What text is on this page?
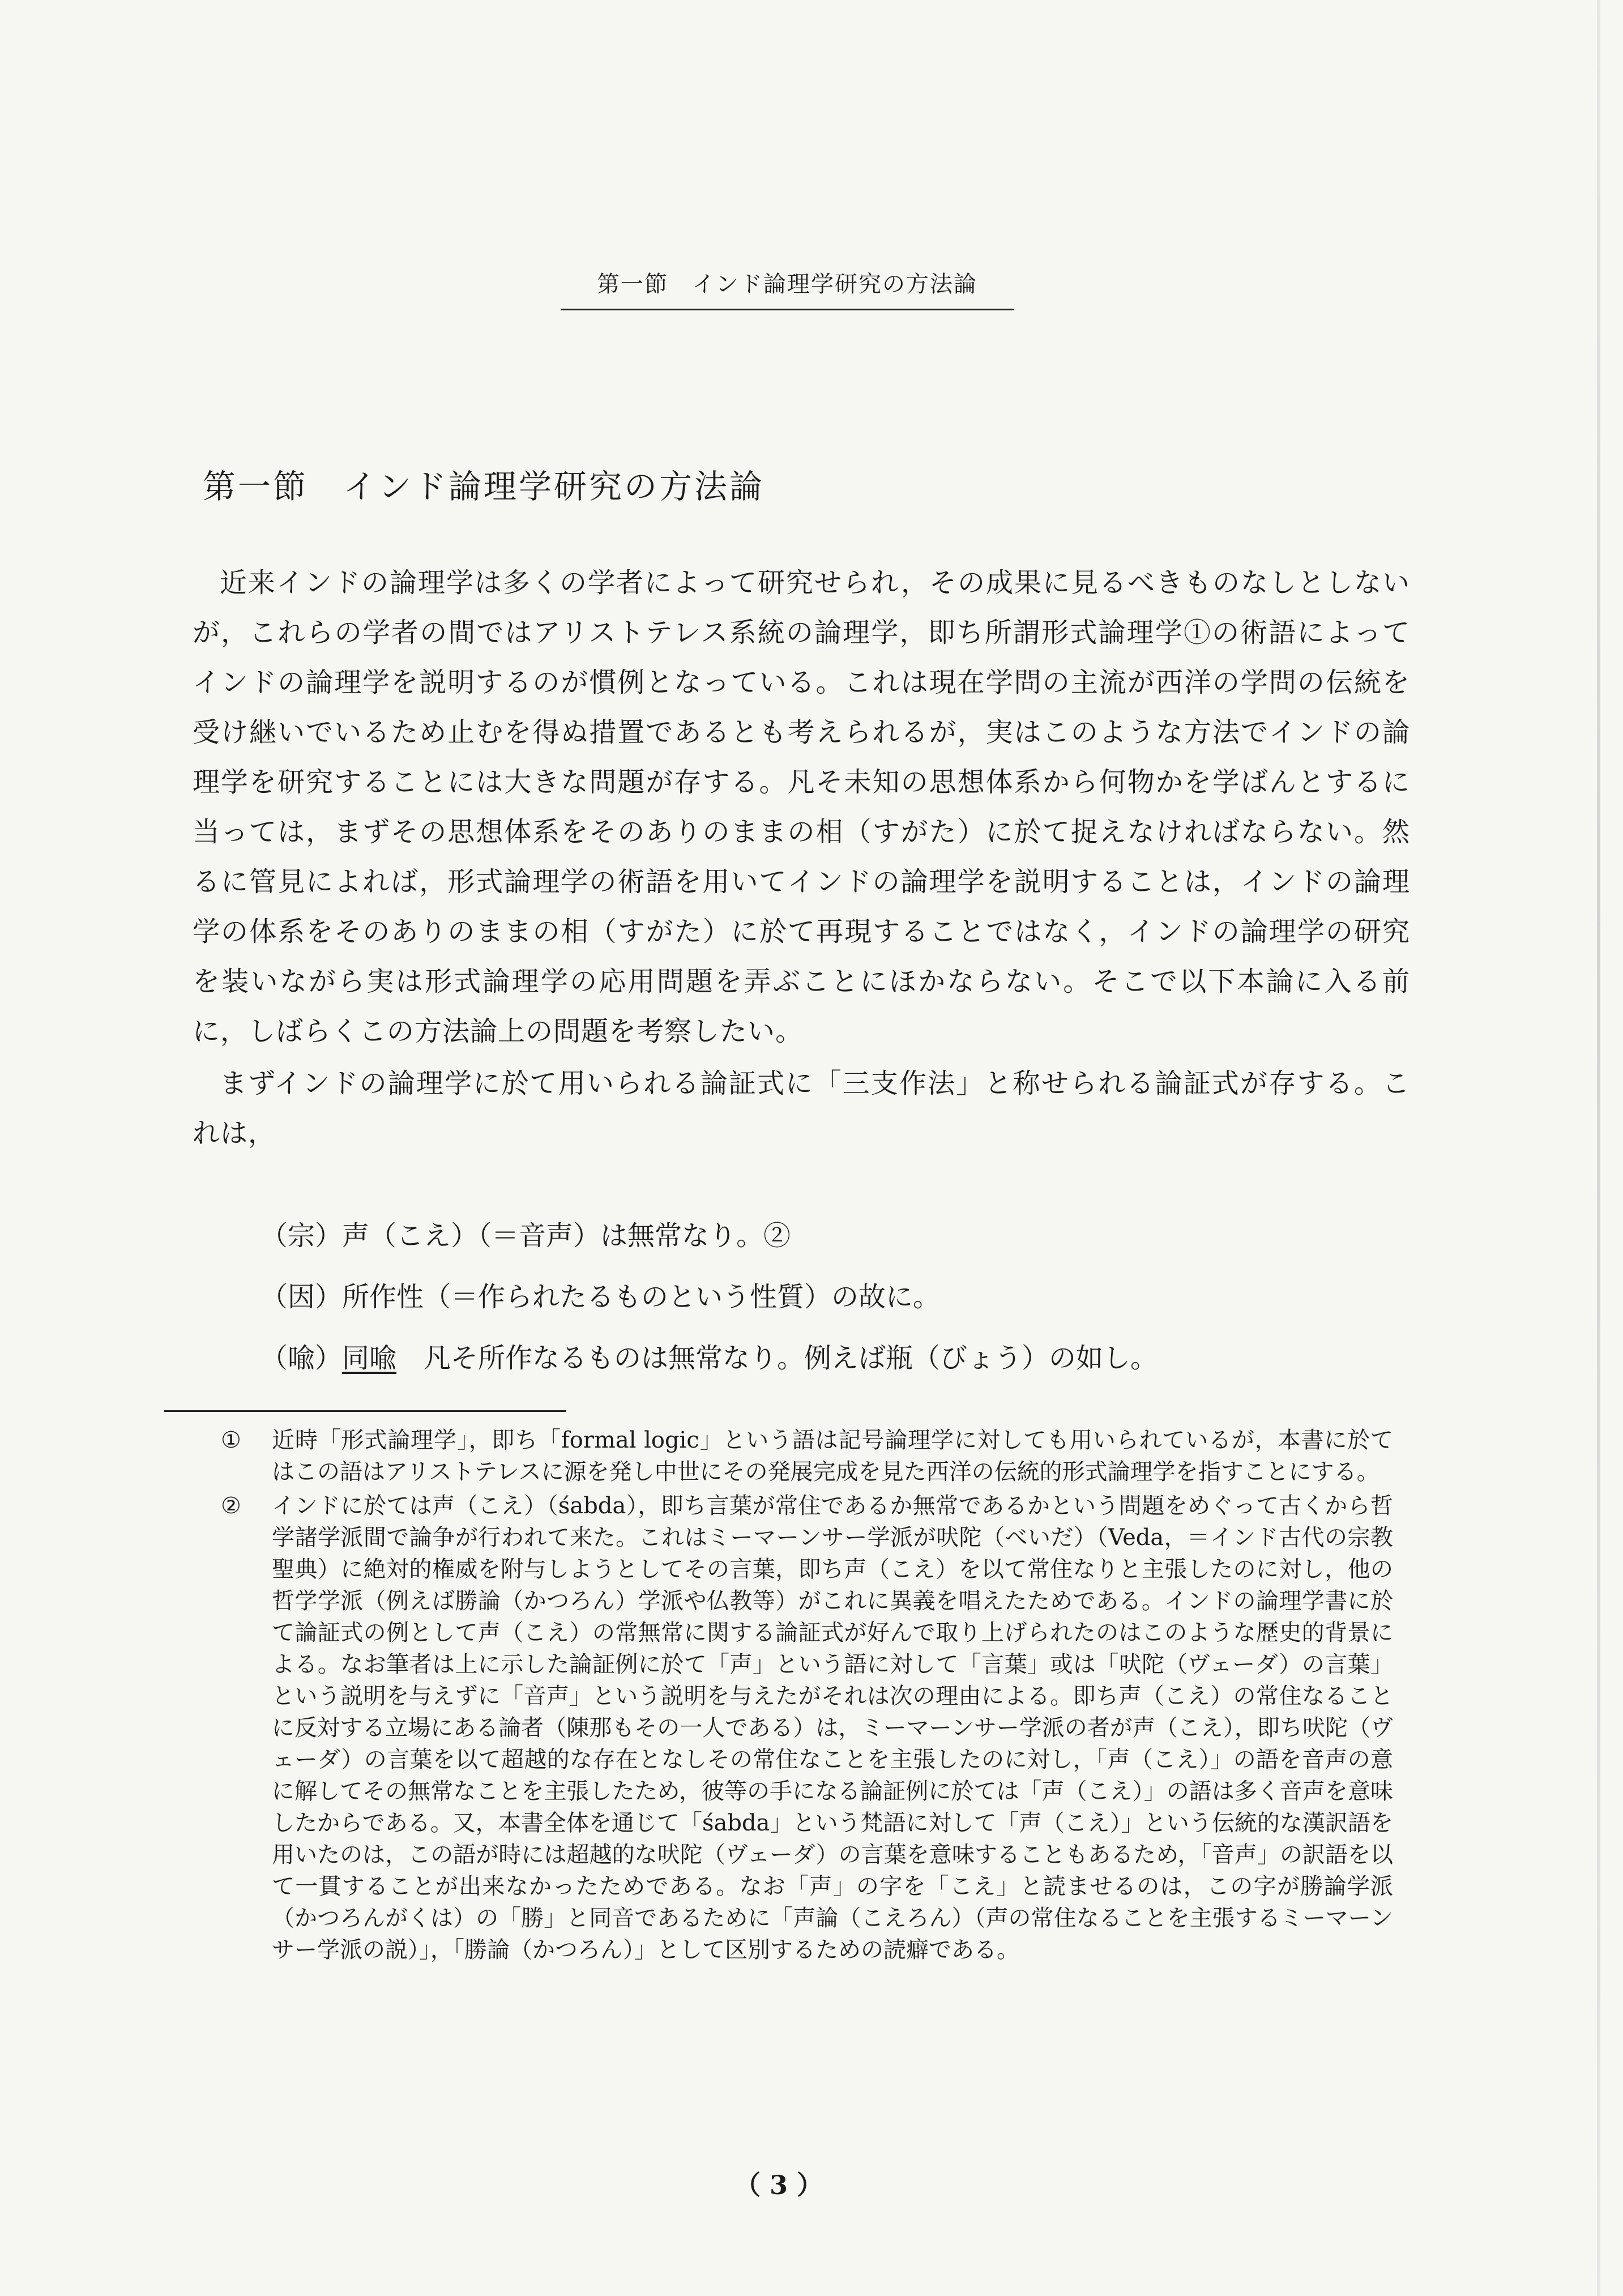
第一節　インド論理学研究の方法論
第一節　インド論理学研究の方法論

近来インドの論理学は多くの学者によって研究せられ，その成果に見るべきものなしとしないが，これらの学者の間ではアリストテレス系統の論理学，即ち所謂形式論理学①の術語によってインドの論理学を説明するのが慣例となっている。これは現在学問の主流が西洋の学問の伝統を受け継いでいるため止むを得ぬ措置であるとも考えられるが，実はこのような方法でインドの論理学を研究することには大きな問題が存する。凡そ未知の思想体系から何物かを学ばんとするに当っては，まずその思想体系をそのありのままの相（すがた）に於て捉えなければならない。然るに管見によれば，形式論理学の術語を用いてインドの論理学を説明することは，インドの論理学の体系をそのありのままの相（すがた）に於て再現することではなく，インドの論理学の研究を装いながら実は形式論理学の応用問題を弄ぶことにほかならない。そこで以下本論に入る前に，しばらくこの方法論上の問題を考察したい。

まずインドの論理学に於て用いられる論証式に「三支作法」と称せられる論証式が存する。これは，

（宗）声（こえ）（＝音声）は無常なり。②
（因）所作性（＝作られたるものという性質）の故に。
（喩）同喩　 凡そ所作なるものは無常なり。例えば瓶（びょう）の如し。
① 近時「形式論理学」，即ち「formal logic」という語は記号論理学に対しても用いられているが，本書に於てはこの語はアリストテレスに源を発し中世にその発展完成を見た西洋の伝統的形式論理学を指すことにする。
② インドに於ては声（こえ）（śabda），即ち言葉が常住であるか無常であるかという問題をめぐって古くから哲学諸学派間で論争が行われて来た。これはミーマーンサー学派が吠陀（べいだ）（Veda，＝インド古代の宗教聖典）に絶対的権威を附与しようとしてその言葉，即ち声（こえ）を以て常住なりと主張したのに対し，他の哲学学派（例えば勝論（かつろん）学派や仏教等）がこれに異義を唱えたためである。インドの論理学書に於て論証式の例として声（こえ）の常無常に関する論証式が好んで取り上げられたのはこのような歴史的背景による。なお筆者は上に示した論証例に於て「声」という語に対して「言葉」或は「吠陀（ヴェーダ）の言葉」という説明を与えずに「音声」という説明を与えたがそれは次の理由による。即ち声（こえ）の常住なることに反対する立場にある論者（陳那もその一人である）は，ミーマーンサー学派の者が声（こえ），即ち吠陀（ヴェーダ）の言葉を以て超越的な存在となしその常住なことを主張したのに対し，「声（こえ）」の語を音声の意に解してその無常なことを主張したため，彼等の手になる論証例に於ては「声（こえ）」の語は多く音声を意味したからである。又，本書全体を通じて「śabda」という梵語に対して「声（こえ）」という伝統的な漢訳語を用いたのは，この語が時には超越的な吠陀（ヴェーダ）の言葉を意味することもあるため，「音声」の訳語を以て一貫することが出来なかったためである。なお「声」の字を「こえ」と読ませるのは，この字が勝論学派（かつろんがくは）の「勝」と同音であるために「声論（こえろん）（声の常住なることを主張するミーマーンサー学派の説）」，「勝論（かつろん）」として区別するための読癖である。
（ 3 ）
